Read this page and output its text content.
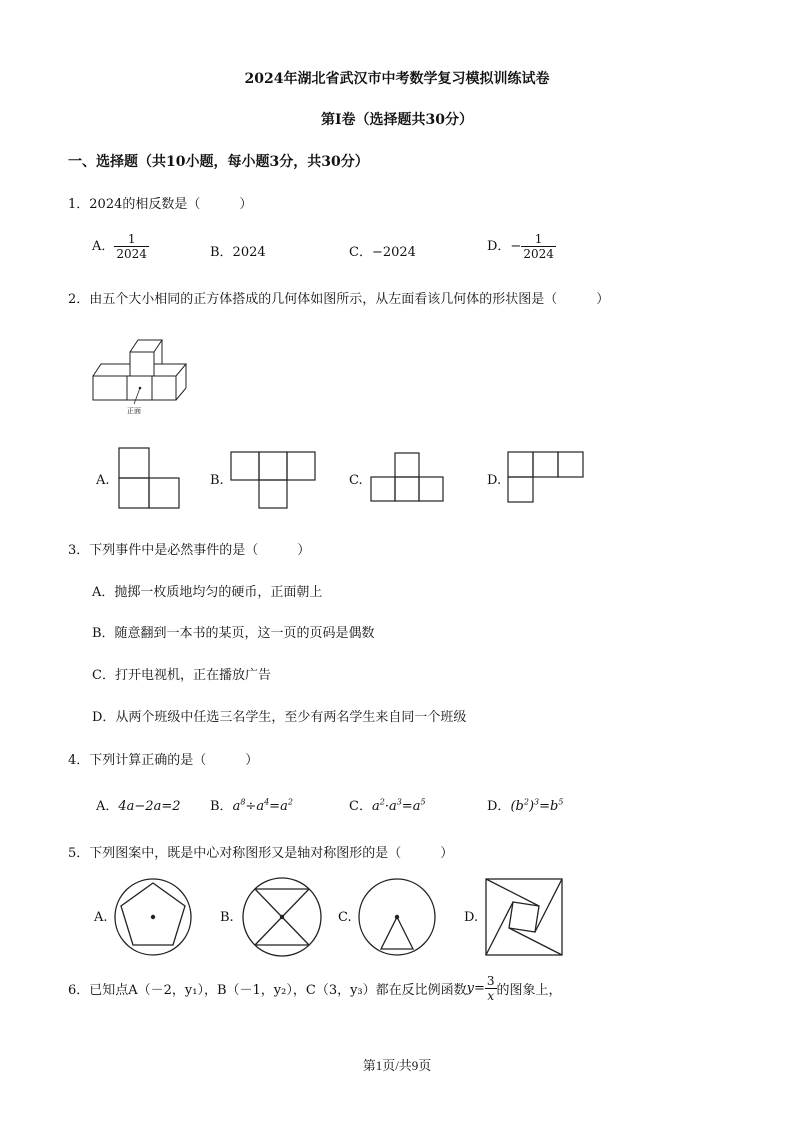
2024年湖北省武汉市中考数学复习模拟训练试卷
第Ⅰ卷（选择题共30分）
一、选择题（共10小题，每小题3分，共30分）
1．2024的相反数是（　　　）
A． $\frac{1}{2024}$	B．2024	C．−2024	D．− $\frac{1}{2024}$
2．由五个大小相同的正方体搭成的几何体如图所示，从左面看该几何体的形状图是（　　　）
正面
A.	B.	C.	D.
3．下列事件中是必然事件的是（　　　）
A．抛掷一枚质地均匀的硬币，正面朝上
B．随意翻到一本书的某页，这一页的页码是偶数
C．打开电视机，正在播放广告
D．从两个班级中任选三名学生，至少有两名学生来自同一个班级
4．下列计算正确的是（　　　）
A．4a−2a=2 B．$a^8\div a^4=a^2$	C．$a^2\cdot a^3=a^5$	D．$(b^2)^3=b^5$
5．下列图案中，既是中心对称图形又是轴对称图形的是（　　　）
A.	B.	C.	D.
6．已知点A（－2，y₁），B（－1，y₂），C（3，y₃）都在反比例函数$y= \frac{3}{x}$ 的图象上，
第1页/共9页
